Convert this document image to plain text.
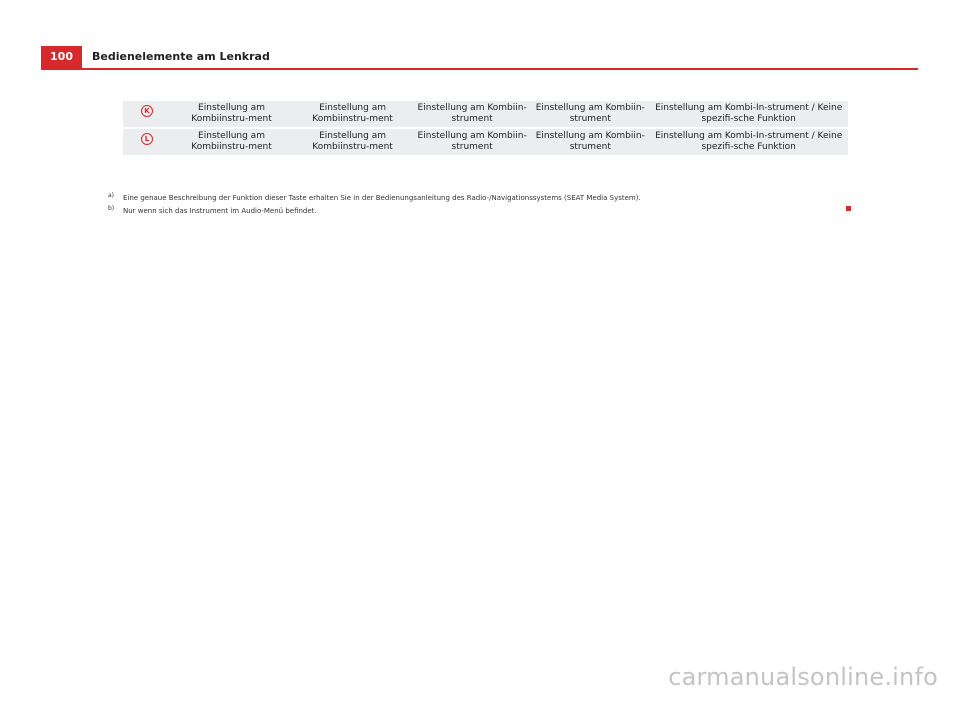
100	Bedienelemente am Lenkrad
K	Einstellung am Kombiinstru-ment	Einstellung am Kombiinstru-ment	Einstellung am Kombiin-strument	Einstellung am Kombiin-strument	Einstellung am Kombi-In-strument / Keine spezifi-sche Funktion
L	Einstellung am Kombiinstru-ment	Einstellung am Kombiinstru-ment	Einstellung am Kombiin-strument	Einstellung am Kombiin-strument	Einstellung am Kombi-In-strument / Keine spezifi-sche Funktion
a) Eine genaue Beschreibung der Funktion dieser Taste erhalten Sie in der Bedienungsanleitung des Radio-/Navigationssystems (SEAT Media System).
b) Nur wenn sich das Instrument im Audio-Menü befindet.
carmanualsonline.info
